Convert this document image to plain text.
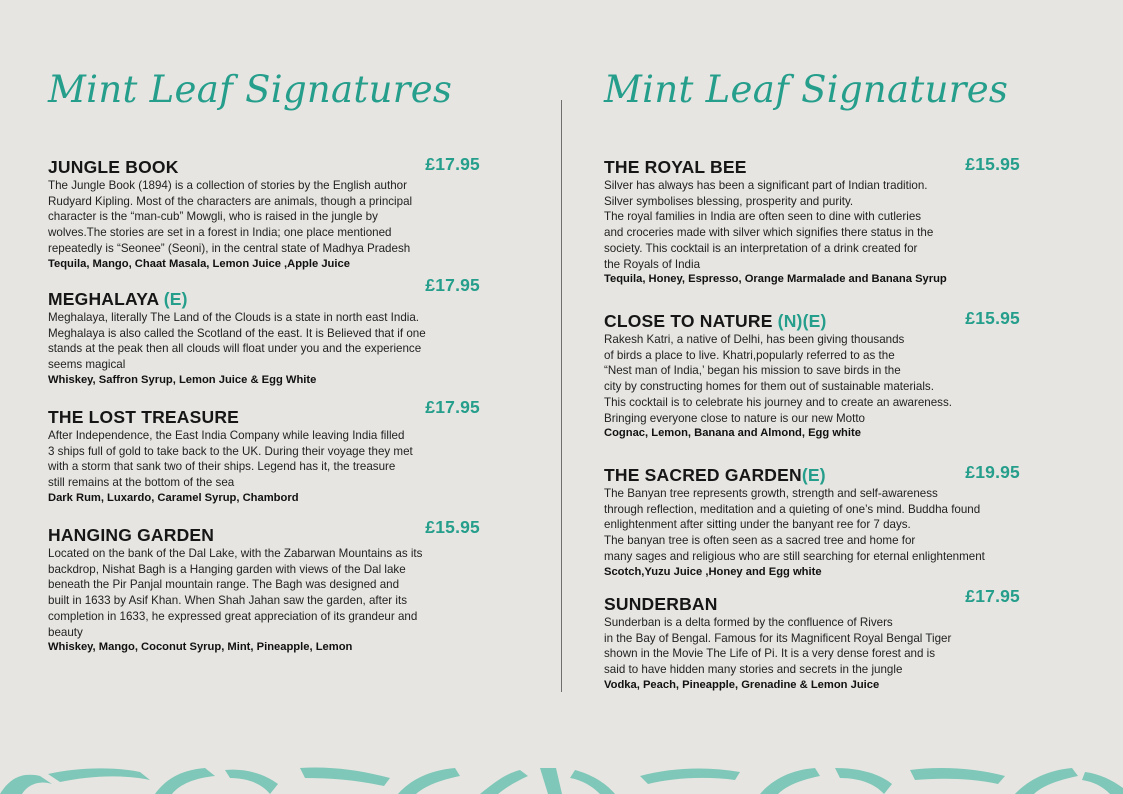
Mint Leaf Signatures
JUNGLE BOOK	£17.95
The Jungle Book (1894) is a collection of stories by the English author
Rudyard Kipling. Most of the characters are animals, though a principal
character is the “man-cub” Mowgli, who is raised in the jungle by
wolves.The stories are set in a forest in India; one place mentioned
repeatedly is “Seonee” (Seoni), in the central state of Madhya Pradesh
Tequila, Mango, Chaat Masala, Lemon Juice ,Apple Juice
MEGHALAYA (E)
£17.95
Meghalaya, literally The Land of the Clouds is a state in north east India.
Meghalaya is also called the Scotland of the east. It is Believed that if one
stands at the peak then all clouds will float under you and the experience
seems magical
Whiskey, Saffron Syrup, Lemon Juice & Egg White
THE LOST TREASURE	£17.95
After Independence, the East India Company while leaving India filled
3 ships full of gold to take back to the UK. During their voyage they met
with a storm that sank two of their ships. Legend has it, the treasure
still remains at the bottom of the sea
Dark Rum, Luxardo, Caramel Syrup, Chambord
HANGING GARDEN	£15.95
Located on the bank of the Dal Lake, with the Zabarwan Mountains as its
backdrop, Nishat Bagh is a Hanging garden with views of the Dal lake
beneath the Pir Panjal mountain range. The Bagh was designed and
built in 1633 by Asif Khan. When Shah Jahan saw the garden, after its
completion in 1633, he expressed great appreciation of its grandeur and
beauty
Whiskey, Mango, Coconut Syrup, Mint, Pineapple, Lemon
Mint Leaf Signatures
THE ROYAL BEE	£15.95
Silver has always has been a significant part of Indian tradition.
Silver symbolises blessing, prosperity and purity.
The royal families in India are often seen to dine with cutleries
and croceries made with silver which signifies there status in the
society. This cocktail is an interpretation of a drink created for
the Royals of India
Tequila, Honey, Espresso, Orange Marmalade and Banana Syrup
CLOSE TO NATURE (N)(E)	£15.95
Rakesh Katri, a native of Delhi, has been giving thousands
of birds a place to live. Khatri,popularly referred to as the
“Nest man of India,’ began his mission to save birds in the
city by constructing homes for them out of sustainable materials.
This cocktail is to celebrate his journey and to create an awareness.
Bringing everyone close to nature is our new Motto
Cognac, Lemon, Banana and Almond, Egg white
THE SACRED GARDEN(E)	£19.95
The Banyan tree represents growth, strength and self-awareness
through reflection, meditation and a quieting of one’s mind. Buddha found
enlightenment after sitting under the banyant ree for 7 days.
The banyan tree is often seen as a sacred tree and home for
many sages and religious who are still searching for eternal enlightenment
Scotch,Yuzu Juice ,Honey and Egg white
SUNDERBAN	£17.95
Sunderban is a delta formed by the confluence of Rivers
in the Bay of Bengal. Famous for its Magnificent Royal Bengal Tiger
shown in the Movie The Life of Pi. It is a very dense forest and is
said to have hidden many stories and secrets in the jungle
Vodka, Peach, Pineapple, Grenadine & Lemon Juice
